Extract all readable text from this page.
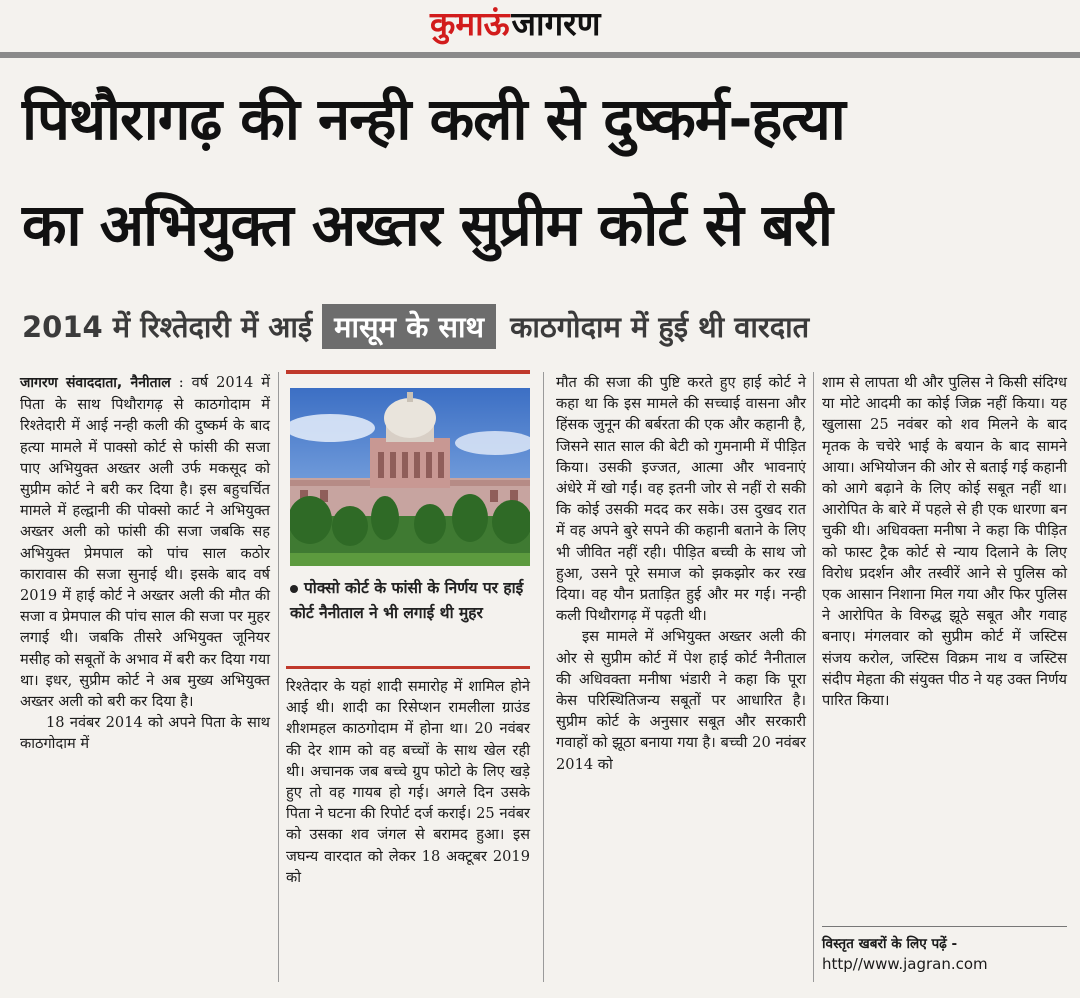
कुमाऊंजागरण
पिथौरागढ़ की नन्ही कली से दुष्कर्म-हत्या
का अभियुक्त अख्तर सुप्रीम कोर्ट से बरी
2014 में रिश्तेदारी में आई मासूम के साथ काठगोदाम में हुई थी वारदात

जागरण संवाददाता, नैनीताल : वर्ष 2014 में पिता के साथ पिथौरागढ़ से काठगोदाम में रिश्तेदारी में आई नन्ही कली की दुष्कर्म के बाद हत्या मामले में पाक्सो कोर्ट से फांसी की सजा पाए अभियुक्त अख्तर अली उर्फ मकसूद को सुप्रीम कोर्ट ने बरी कर दिया है। इस बहुचर्चित मामले में हल्द्वानी की पोक्सो कार्ट ने अभियुक्त अख्तर अली को फांसी की सजा जबकि सह अभियुक्त प्रेमपाल को पांच साल कठोर कारावास की सजा सुनाई थी। इसके बाद वर्ष 2019 में हाई कोर्ट ने अख्तर अली की मौत की सजा व प्रेमपाल की पांच साल की सजा पर मुहर लगाई थी। जबकि तीसरे अभियुक्त जूनियर मसीह को सबूतों के अभाव में बरी कर दिया गया था। इधर, सुप्रीम कोर्ट ने अब मुख्य अभियुक्त अख्तर अली को बरी कर दिया है।

18 नवंबर 2014 को अपने पिता के साथ काठगोदाम में

पोक्सो कोर्ट के फांसी के निर्णय पर हाई कोर्ट नैनीताल ने भी लगाई थी मुहर

रिश्तेदार के यहां शादी समारोह में शामिल होने आई थी। शादी का रिसेप्शन रामलीला ग्राउंड शीशमहल काठगोदाम में होना था। 20 नवंबर की देर शाम को वह बच्चों के साथ खेल रही थी। अचानक जब बच्चे ग्रुप फोटो के लिए खड़े हुए तो वह गायब हो गई। अगले दिन उसके पिता ने घटना की रिपोर्ट दर्ज कराई। 25 नवंबर को उसका शव जंगल से बरामद हुआ। इस जघन्य वारदात को लेकर 18 अक्टूबर 2019 को

मौत की सजा की पुष्टि करते हुए हाई कोर्ट ने कहा था कि इस मामले की सच्चाई वासना और हिंसक जुनून की बर्बरता की एक और कहानी है, जिसने सात साल की बेटी को गुमनामी में पीड़ित किया। उसकी इज्जत, आत्मा और भावनाएं अंधेरे में खो गईं। वह इतनी जोर से नहीं रो सकी कि कोई उसकी मदद कर सके। उस दुखद रात में वह अपने बुरे सपने की कहानी बताने के लिए भी जीवित नहीं रही। पीड़ित बच्ची के साथ जो हुआ, उसने पूरे समाज को झकझोर कर रख दिया। वह यौन प्रताड़ित हुई और मर गई। नन्ही कली पिथौरागढ़ में पढ़ती थी।

इस मामले में अभियुक्त अख्तर अली की ओर से सुप्रीम कोर्ट में पेश हाई कोर्ट नैनीताल की अधिवक्ता मनीषा भंडारी ने कहा कि पूरा केस परिस्थितिजन्य सबूतों पर आधारित है। सुप्रीम कोर्ट के अनुसार सबूत और सरकारी गवाहों को झूठा बनाया गया है। बच्ची 20 नवंबर 2014 को

शाम से लापता थी और पुलिस ने किसी संदिग्ध या मोटे आदमी का कोई जिक्र नहीं किया। यह खुलासा 25 नवंबर को शव मिलने के बाद मृतक के चचेरे भाई के बयान के बाद सामने आया। अभियोजन की ओर से बताई गई कहानी को आगे बढ़ाने के लिए कोई सबूत नहीं था। आरोपित के बारे में पहले से ही एक धारणा बन चुकी थी। अधिवक्ता मनीषा ने कहा कि पीड़ित को फास्ट ट्रैक कोर्ट से न्याय दिलाने के लिए विरोध प्रदर्शन और तस्वीरें आने से पुलिस को एक आसान निशाना मिल गया और फिर पुलिस ने आरोपित के विरुद्ध झूठे सबूत और गवाह बनाए। मंगलवार को सुप्रीम कोर्ट में जस्टिस संजय करोल, जस्टिस विक्रम नाथ व जस्टिस संदीप मेहता की संयुक्त पीठ ने यह उक्त निर्णय पारित किया।

विस्तृत खबरों के लिए पढ़ें -
http//www.jagran.com
